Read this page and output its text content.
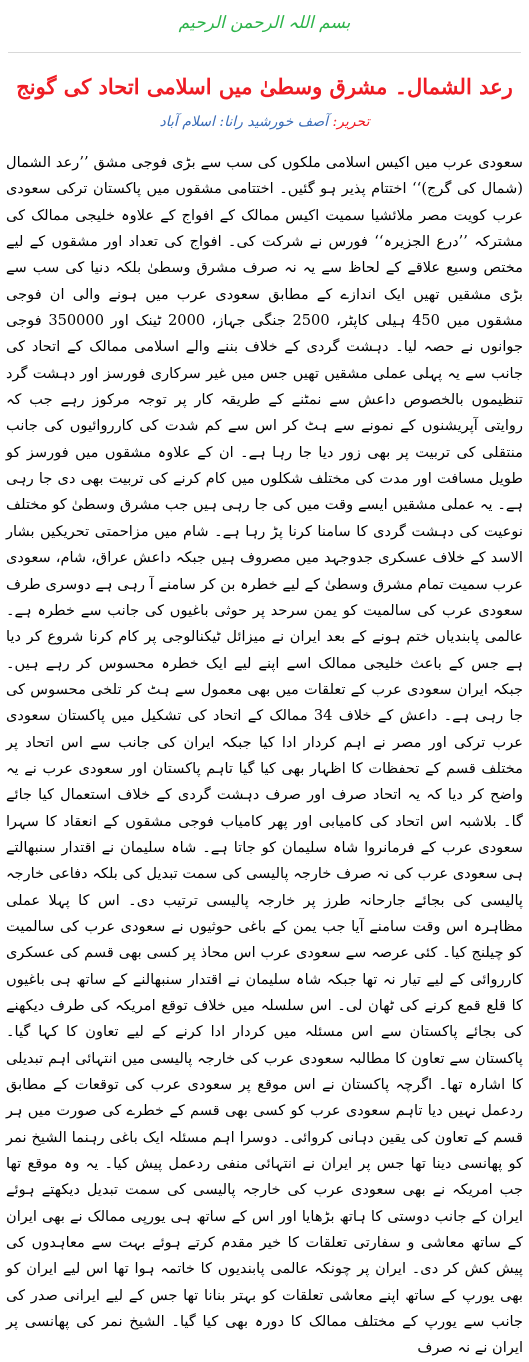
بسم اللہ الرحمن الرحیم
رعد الشمال۔ مشرق وسطیٰ میں اسلامی اتحاد کی گونج
تحریر: آصف خورشید رانا: اسلام آباد
سعودی عرب میں اکیس اسلامی ملکوں کی سب سے بڑی فوجی مشق ’’رعد الشمال (شمال کی گرج)‘‘ اختتام پذیر ہو گئیں۔ اختتامی مشقوں میں پاکستان ترکی سعودی عرب کویت مصر ملائشیا سمیت اکیس ممالک کے افواج کے علاوہ خلیجی ممالک کی مشترکہ ’’درع الجزیرہ‘‘ فورس نے شرکت کی۔ افواج کی تعداد اور مشقوں کے لیے مختص وسیع علاقے کے لحاظ سے یہ نہ صرف مشرق وسطیٰ بلکہ دنیا کی سب سے بڑی مشقیں تھیں ایک اندازے کے مطابق سعودی عرب میں ہونے والی ان فوجی مشقوں میں 450 ہیلی کاپٹر، 2500 جنگی جہاز، 2000 ٹینک اور 350000 فوجی جوانوں نے حصہ لیا۔ دہشت گردی کے خلاف بننے والے اسلامی ممالک کے اتحاد کی جانب سے یہ پہلی عملی مشقیں تھیں جس میں غیر سرکاری فورسز اور دہشت گرد تنظیموں بالخصوص داعش سے نمٹنے کے طریقہ کار پر توجہ مرکوز رہے جب کہ روایتی آپریشنوں کے نمونے سے ہٹ کر اس سے کم شدت کی کارروائیوں کی جانب منتقلی کی تربیت پر بھی زور دیا جا رہا ہے۔ ان کے علاوہ مشقوں میں فورسز کو طویل مسافت اور مدت کی مختلف شکلوں میں کام کرنے کی تربیت بھی دی جا رہی ہے۔ یہ عملی مشقیں ایسے وقت میں کی جا رہی ہیں جب مشرق وسطیٰ کو مختلف نوعیت کی دہشت گردی کا سامنا کرنا پڑ رہا ہے۔ شام میں مزاحمتی تحریکیں بشار الاسد کے خلاف عسکری جدوجہد میں مصروف ہیں جبکہ داعش عراق، شام، سعودی عرب سمیت تمام مشرق وسطیٰ کے لیے خطرہ بن کر سامنے آ رہی ہے دوسری طرف سعودی عرب کی سالمیت کو یمن سرحد پر حوثی باغیوں کی جانب سے خطرہ ہے۔ عالمی پابندیاں ختم ہونے کے بعد ایران نے میزائل ٹیکنالوجی پر کام کرنا شروع کر دیا ہے جس کے باعث خلیجی ممالک اسے اپنے لیے ایک خطرہ محسوس کر رہے ہیں۔ جبکہ ایران سعودی عرب کے تعلقات میں بھی معمول سے ہٹ کر تلخی محسوس کی جا رہی ہے۔ داعش کے خلاف 34 ممالک کے اتحاد کی تشکیل میں پاکستان سعودی عرب ترکی اور مصر نے اہم کردار ادا کیا جبکہ ایران کی جانب سے اس اتحاد پر مختلف قسم کے تحفظات کا اظہار بھی کیا گیا تاہم پاکستان اور سعودی عرب نے یہ واضح کر دیا کہ یہ اتحاد صرف اور صرف دہشت گردی کے خلاف استعمال کیا جائے گا۔ بلاشبہ اس اتحاد کی کامیابی اور پھر کامیاب فوجی مشقوں کے انعقاد کا سہرا سعودی عرب کے فرمانروا شاہ سلیمان کو جاتا ہے۔ شاہ سلیمان نے اقتدار سنبھالتے ہی سعودی عرب کی نہ صرف خارجہ پالیسی کی سمت تبدیل کی بلکہ دفاعی خارجہ پالیسی کی بجائے جارحانہ طرز پر خارجہ پالیسی ترتیب دی۔ اس کا پہلا عملی مظاہرہ اس وقت سامنے آیا جب یمن کے باغی حوثیوں نے سعودی عرب کی سالمیت کو چیلنج کیا۔ کئی عرصہ سے سعودی عرب اس محاذ پر کسی بھی قسم کی عسکری کارروائی کے لیے تیار نہ تھا جبکہ شاہ سلیمان نے اقتدار سنبھالنے کے ساتھ ہی باغیوں کا قلع قمع کرنے کی ٹھان لی۔ اس سلسلہ میں خلاف توقع امریکہ کی طرف دیکھنے کی بجائے پاکستان سے اس مسئلہ میں کردار ادا کرنے کے لیے تعاون کا کہا گیا۔ پاکستان سے تعاون کا مطالبہ سعودی عرب کی خارجہ پالیسی میں انتہائی اہم تبدیلی کا اشارہ تھا۔ اگرچہ پاکستان نے اس موقع پر سعودی عرب کی توقعات کے مطابق ردعمل نہیں دیا تاہم سعودی عرب کو کسی بھی قسم کے خطرے کی صورت میں ہر قسم کے تعاون کی یقین دہانی کروائی۔ دوسرا اہم مسئلہ ایک باغی رہنما الشیخ نمر کو پھانسی دینا تھا جس پر ایران نے انتہائی منفی ردعمل پیش کیا۔ یہ وہ موقع تھا جب امریکہ نے بھی سعودی عرب کی خارجہ پالیسی کی سمت تبدیل دیکھتے ہوئے ایران کے جانب دوستی کا ہاتھ بڑھایا اور اس کے ساتھ ہی یورپی ممالک نے بھی ایران کے ساتھ معاشی و سفارتی تعلقات کا خیر مقدم کرتے ہوئے بہت سے معاہدوں کی پیش کش کر دی۔ ایران پر چونکہ عالمی پابندیوں کا خاتمہ ہوا تھا اس لیے ایران کو بھی یورپ کے ساتھ اپنے معاشی تعلقات کو بہتر بنانا تھا جس کے لیے ایرانی صدر کی جانب سے یورپ کے مختلف ممالک کا دورہ بھی کیا گیا۔ الشیخ نمر کی پھانسی پر ایران نے نہ صرف
